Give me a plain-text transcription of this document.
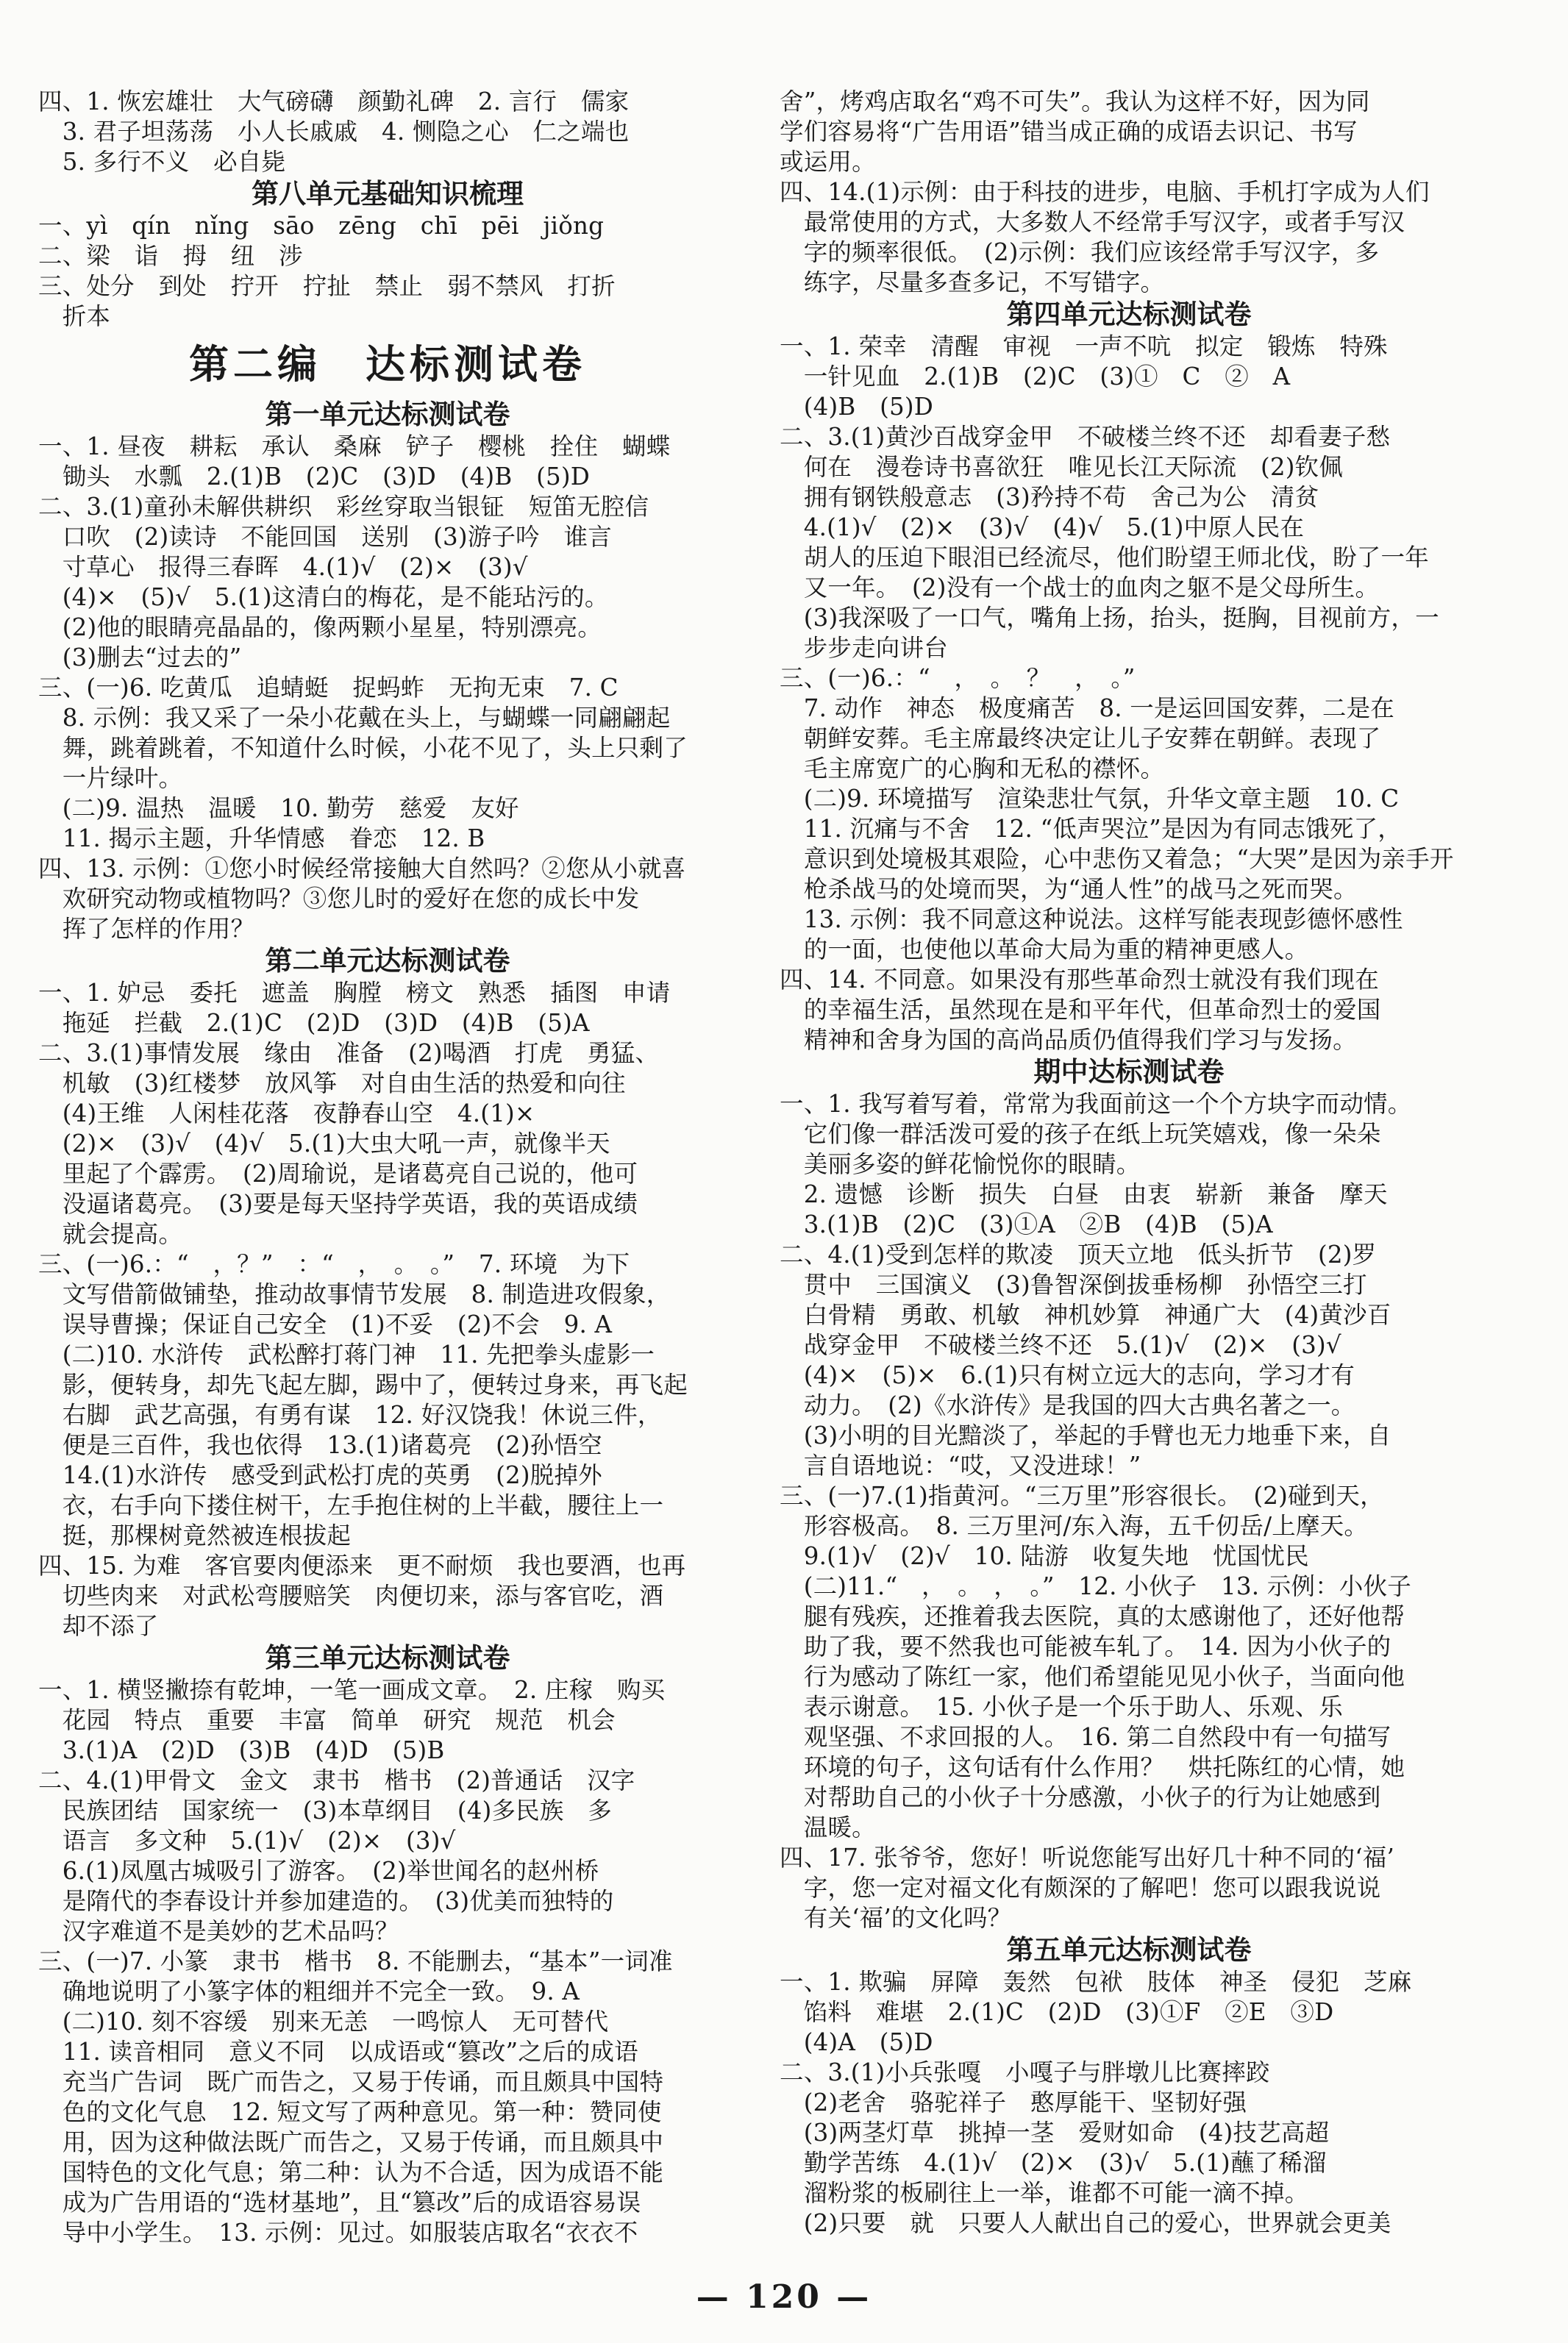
四、1. 恢宏雄壮　大气磅礴　颜勤礼碑　2. 言行　儒家
　3. 君子坦荡荡　小人长戚戚　4. 恻隐之心　仁之端也
　5. 多行不义　必自毙
第八单元基础知识梳理
一、yì　qín　nǐng　sāo　zēng　chī　pēi　jiǒng
二、梁　诣　拇　纽　涉
三、处分　到处　拧开　拧扯　禁止　弱不禁风　打折
　折本
第二编　达标测试卷
第一单元达标测试卷
一、1. 昼夜　耕耘　承认　桑麻　铲子　樱桃　拴住　蝴蝶
　锄头　水瓢　2.(1)B　(2)C　(3)D　(4)B　(5)D
二、3.(1)童孙未解供耕织　彩丝穿取当银钲　短笛无腔信
　口吹　(2)读诗　不能回国　送别　(3)游子吟　谁言
　寸草心　报得三春晖　4.(1)√　(2)×　(3)√
　(4)×　(5)√　5.(1)这清白的梅花，是不能玷污的。
　(2)他的眼睛亮晶晶的，像两颗小星星，特别漂亮。
　(3)删去“过去的”
三、(一)6. 吃黄瓜　追蜻蜓　捉蚂蚱　无拘无束　7. C
　8. 示例：我又采了一朵小花戴在头上，与蝴蝶一同翩翩起
　舞，跳着跳着，不知道什么时候，小花不见了，头上只剩了
　一片绿叶。
　(二)9. 温热　温暖　10. 勤劳　慈爱　友好
　11. 揭示主题，升华情感　眷恋　12. B
四、13. 示例：①您小时候经常接触大自然吗？②您从小就喜
　欢研究动物或植物吗？③您儿时的爱好在您的成长中发
　挥了怎样的作用？
第二单元达标测试卷
一、1. 妒忌　委托　遮盖　胸膛　榜文　熟悉　插图　申请
　拖延　拦截　2.(1)C　(2)D　(3)D　(4)B　(5)A
二、3.(1)事情发展　缘由　准备　(2)喝酒　打虎　勇猛、
　机敏　(3)红楼梦　放风筝　对自由生活的热爱和向往
　(4)王维　人闲桂花落　夜静春山空　4.(1)×
　(2)×　(3)√　(4)√　5.(1)大虫大吼一声，就像半天
　里起了个霹雳。　(2)周瑜说，是诸葛亮自己说的，他可
　没逼诸葛亮。　(3)要是每天坚持学英语，我的英语成绩
　就会提高。
三、(一)6.：“　，？”　：“　，　。　。”　7. 环境　为下
　文写借箭做铺垫，推动故事情节发展　8. 制造进攻假象，
　误导曹操；保证自己安全　(1)不妥　(2)不会　9. A
　(二)10. 水浒传　武松醉打蒋门神　11. 先把拳头虚影一
　影，便转身，却先飞起左脚，踢中了，便转过身来，再飞起
　右脚　武艺高强，有勇有谋　12. 好汉饶我！休说三件，
　便是三百件，我也依得　13.(1)诸葛亮　(2)孙悟空
　14.(1)水浒传　感受到武松打虎的英勇　(2)脱掉外
　衣，右手向下搂住树干，左手抱住树的上半截，腰往上一
　挺，那棵树竟然被连根拔起
四、15. 为难　客官要肉便添来　更不耐烦　我也要酒，也再
　切些肉来　对武松弯腰赔笑　肉便切来，添与客官吃，酒
　却不添了
第三单元达标测试卷
一、1. 横竖撇捺有乾坤，一笔一画成文章。　2. 庄稼　购买
　花园　特点　重要　丰富　简单　研究　规范　机会
　3.(1)A　(2)D　(3)B　(4)D　(5)B
二、4.(1)甲骨文　金文　隶书　楷书　(2)普通话　汉字
　民族团结　国家统一　(3)本草纲目　(4)多民族　多
　语言　多文种　5.(1)√　(2)×　(3)√
　6.(1)凤凰古城吸引了游客。　(2)举世闻名的赵州桥
　是隋代的李春设计并参加建造的。　(3)优美而独特的
　汉字难道不是美妙的艺术品吗？
三、(一)7. 小篆　隶书　楷书　8. 不能删去，“基本”一词准
　确地说明了小篆字体的粗细并不完全一致。　9. A
　(二)10. 刻不容缓　别来无恙　一鸣惊人　无可替代
　11. 读音相同　意义不同　以成语或“篡改”之后的成语
　充当广告词　既广而告之，又易于传诵，而且颇具中国特
　色的文化气息　12. 短文写了两种意见。第一种：赞同使
　用，因为这种做法既广而告之，又易于传诵，而且颇具中
　国特色的文化气息；第二种：认为不合适，因为成语不能
　成为广告用语的“选材基地”，且“篡改”后的成语容易误
　导中小学生。　13. 示例：见过。如服装店取名“衣衣不
舍”，烤鸡店取名“鸡不可失”。我认为这样不好，因为同
学们容易将“广告用语”错当成正确的成语去识记、书写
或运用。
四、14.(1)示例：由于科技的进步，电脑、手机打字成为人们
　最常使用的方式，大多数人不经常手写汉字，或者手写汉
　字的频率很低。　(2)示例：我们应该经常手写汉字，多
　练字，尽量多查多记，不写错字。
第四单元达标测试卷
一、1. 荣幸　清醒　审视　一声不吭　拟定　锻炼　特殊
　一针见血　2.(1)B　(2)C　(3)①　C　②　A
　(4)B　(5)D
二、3.(1)黄沙百战穿金甲　不破楼兰终不还　却看妻子愁
　何在　漫卷诗书喜欲狂　唯见长江天际流　(2)钦佩
　拥有钢铁般意志　(3)矜持不苟　舍己为公　清贫
　4.(1)√　(2)×　(3)√　(4)√　5.(1)中原人民在
　胡人的压迫下眼泪已经流尽，他们盼望王师北伐，盼了一年
　又一年。　(2)没有一个战士的血肉之躯不是父母所生。
　(3)我深吸了一口气，嘴角上扬，抬头，挺胸，目视前方，一
　步步走向讲台
三、(一)6.：“　，　。　？　，　。”
　7. 动作　神态　极度痛苦　8. 一是运回国安葬，二是在
　朝鲜安葬。毛主席最终决定让儿子安葬在朝鲜。表现了
　毛主席宽广的心胸和无私的襟怀。
　(二)9. 环境描写　渲染悲壮气氛，升华文章主题　10. C
　11. 沉痛与不舍　12. “低声哭泣”是因为有同志饿死了，
　意识到处境极其艰险，心中悲伤又着急；“大哭”是因为亲手开
　枪杀战马的处境而哭，为“通人性”的战马之死而哭。
　13. 示例：我不同意这种说法。这样写能表现彭德怀感性
　的一面，也使他以革命大局为重的精神更感人。
四、14. 不同意。如果没有那些革命烈士就没有我们现在
　的幸福生活，虽然现在是和平年代，但革命烈士的爱国
　精神和舍身为国的高尚品质仍值得我们学习与发扬。
期中达标测试卷
一、1. 我写着写着，常常为我面前这一个个方块字而动情。
　它们像一群活泼可爱的孩子在纸上玩笑嬉戏，像一朵朵
　美丽多姿的鲜花愉悦你的眼睛。
　2. 遗憾　诊断　损失　白昼　由衷　崭新　兼备　摩天
　3.(1)B　(2)C　(3)①A　②B　(4)B　(5)A
二、4.(1)受到怎样的欺凌　顶天立地　低头折节　(2)罗
　贯中　三国演义　(3)鲁智深倒拔垂杨柳　孙悟空三打
　白骨精　勇敢、机敏　神机妙算　神通广大　(4)黄沙百
　战穿金甲　不破楼兰终不还　5.(1)√　(2)×　(3)√
　(4)×　(5)×　6.(1)只有树立远大的志向，学习才有
　动力。　(2)《水浒传》是我国的四大古典名著之一。
　(3)小明的目光黯淡了，举起的手臂也无力地垂下来，自
　言自语地说：“哎，又没进球！”
三、(一)7.(1)指黄河。“三万里”形容很长。　(2)碰到天，
　形容极高。　8. 三万里河/东入海，五千仞岳/上摩天。
　9.(1)√　(2)√　10. 陆游　收复失地　忧国忧民
　(二)11.“　，　。　，　。”　12. 小伙子　13. 示例：小伙子
　腿有残疾，还推着我去医院，真的太感谢他了，还好他帮
　助了我，要不然我也可能被车轧了。　14. 因为小伙子的
　行为感动了陈红一家，他们希望能见见小伙子，当面向他
　表示谢意。　15. 小伙子是一个乐于助人、乐观、乐
　观坚强、不求回报的人。　16. 第二自然段中有一句描写
　环境的句子，这句话有什么作用？　烘托陈红的心情，她
　对帮助自己的小伙子十分感激，小伙子的行为让她感到
　温暖。
四、17. 张爷爷，您好！听说您能写出好几十种不同的‘福’
　字，您一定对福文化有颇深的了解吧！您可以跟我说说
　有关‘福’的文化吗？
第五单元达标测试卷
一、1. 欺骗　屏障　轰然　包袱　肢体　神圣　侵犯　芝麻
　馅料　难堪　2.(1)C　(2)D　(3)①F　②E　③D
　(4)A　(5)D
二、3.(1)小兵张嘎　小嘎子与胖墩儿比赛摔跤
　(2)老舍　骆驼祥子　憨厚能干、坚韧好强
　(3)两茎灯草　挑掉一茎　爱财如命　(4)技艺高超
　勤学苦练　4.(1)√　(2)×　(3)√　5.(1)蘸了稀溜
　溜粉浆的板刷往上一举，谁都不可能一滴不掉。
　(2)只要　就　只要人人献出自己的爱心，世界就会更美
— 120 —
